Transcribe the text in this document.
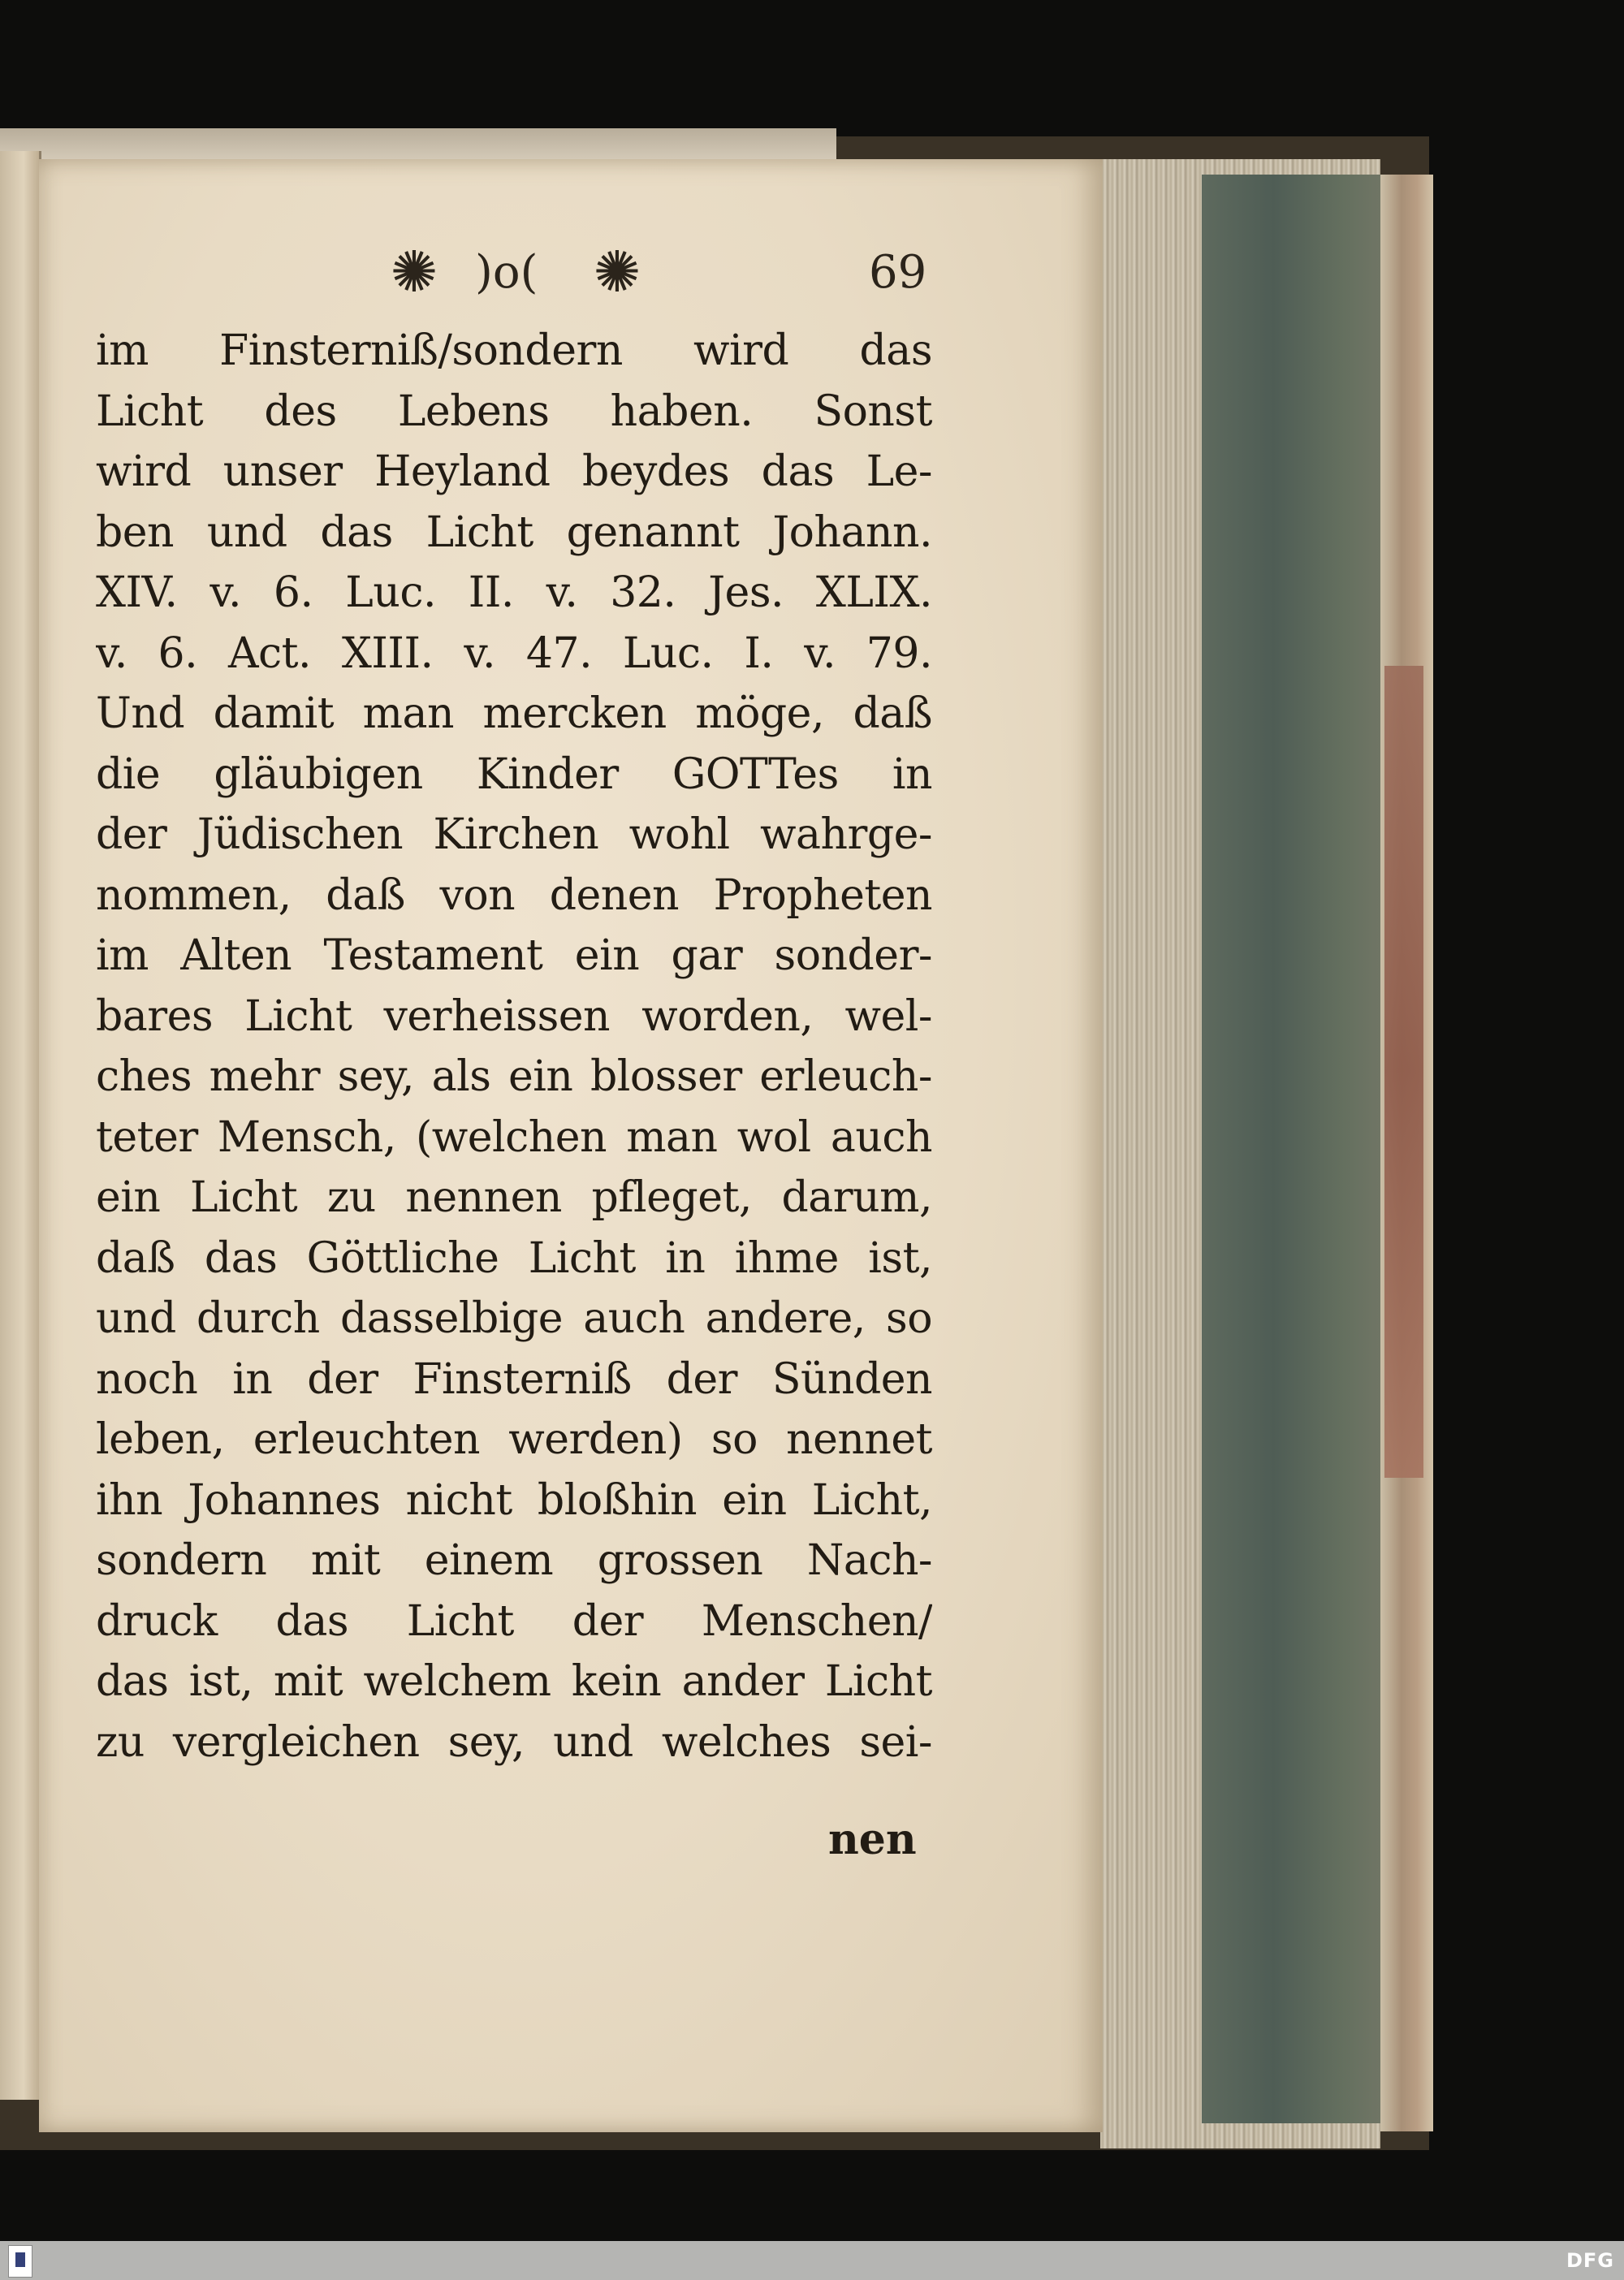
✺ )o( ✺	69
im Finsterniß/sondern wird das
Licht des Lebens haben. Sonst
wird unser Heyland beydes das Le-
ben und das Licht genannt Johann.
XIV. v. 6. Luc. II. v. 32. Jes. XLIX.
v. 6. Act. XIII. v. 47. Luc. I. v. 79.
Und damit man mercken möge, daß
die gläubigen Kinder GOTTes in
der Jüdischen Kirchen wohl wahrge-
nommen, daß von denen Propheten
im Alten Testament ein gar sonder-
bares Licht verheissen worden, wel-
ches mehr sey, als ein blosser erleuch-
teter Mensch, (welchen man wol auch
ein Licht zu nennen pfleget, darum,
daß das Göttliche Licht in ihme ist,
und durch dasselbige auch andere, so
noch in der Finsterniß der Sünden
leben, erleuchten werden) so nennet
ihn Johannes nicht bloßhin ein Licht,
sondern mit einem grossen Nach-
druck das Licht der Menschen/
das ist, mit welchem kein ander Licht
zu vergleichen sey, und welches sei-
nen
DFG
